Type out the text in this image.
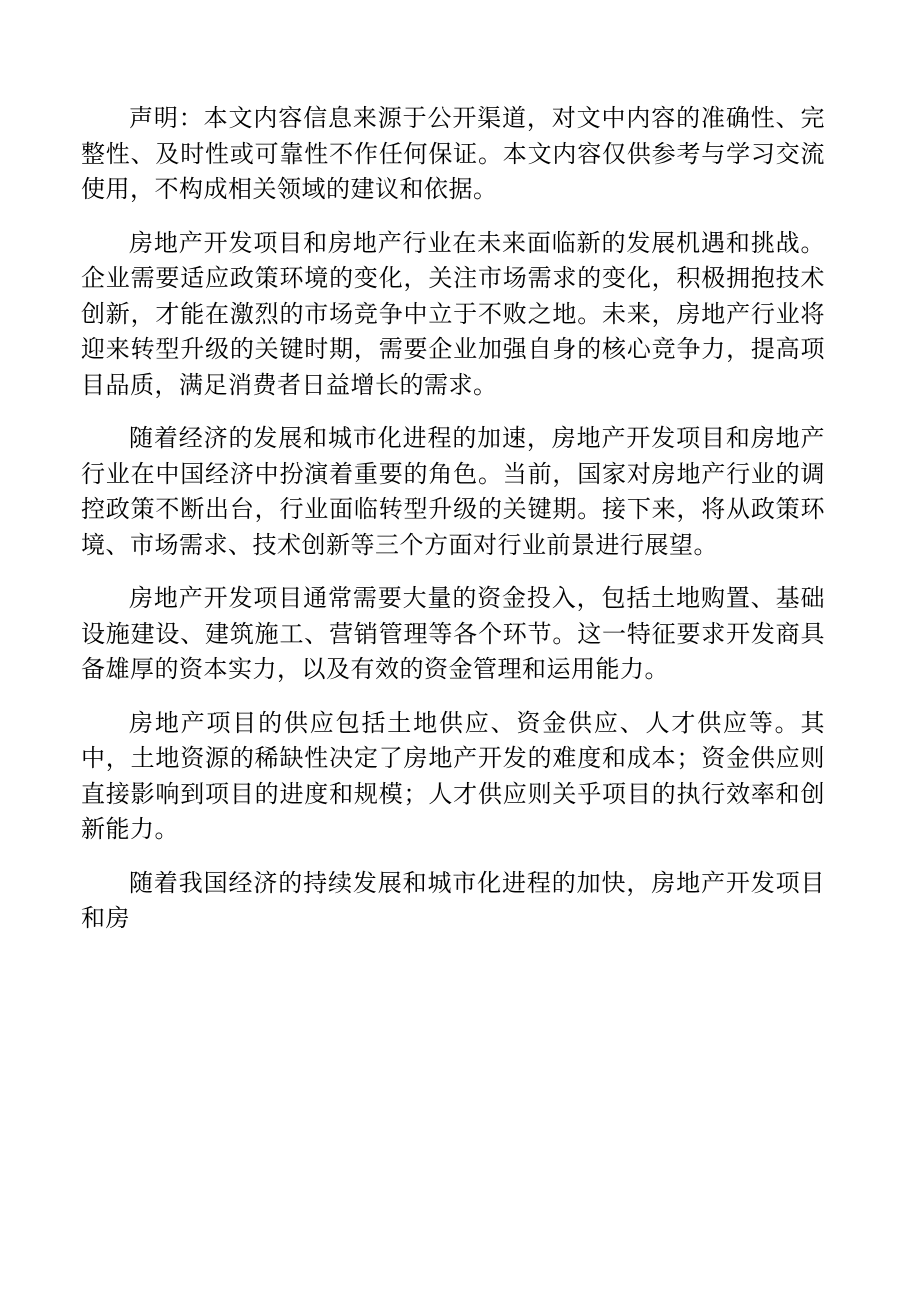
声明：本文内容信息来源于公开渠道，对文中内容的准确性、完整性、及时性或可靠性不作任何保证。本文内容仅供参考与学习交流使用，不构成相关领域的建议和依据。

房地产开发项目和房地产行业在未来面临新的发展机遇和挑战。企业需要适应政策环境的变化，关注市场需求的变化，积极拥抱技术创新，才能在激烈的市场竞争中立于不败之地。未来，房地产行业将迎来转型升级的关键时期，需要企业加强自身的核心竞争力，提高项目品质，满足消费者日益增长的需求。

随着经济的发展和城市化进程的加速，房地产开发项目和房地产行业在中国经济中扮演着重要的角色。当前，国家对房地产行业的调控政策不断出台，行业面临转型升级的关键期。接下来，将从政策环境、市场需求、技术创新等三个方面对行业前景进行展望。

房地产开发项目通常需要大量的资金投入，包括土地购置、基础设施建设、建筑施工、营销管理等各个环节。这一特征要求开发商具备雄厚的资本实力，以及有效的资金管理和运用能力。

房地产项目的供应包括土地供应、资金供应、人才供应等。其中，土地资源的稀缺性决定了房地产开发的难度和成本；资金供应则直接影响到项目的进度和规模；人才供应则关乎项目的执行效率和创新能力。

随着我国经济的持续发展和城市化进程的加快，房地产开发项目和房
